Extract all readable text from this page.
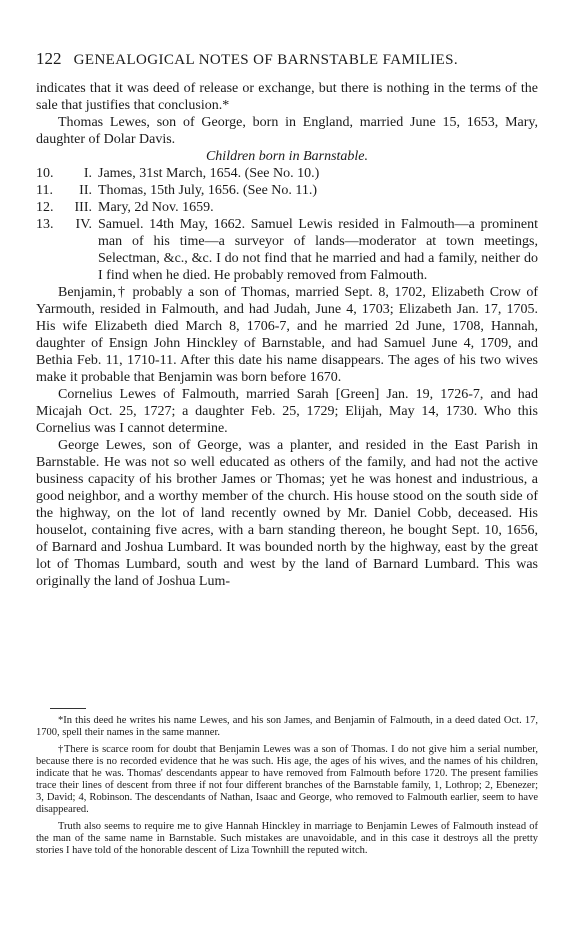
122 GENEALOGICAL NOTES OF BARNSTABLE FAMILIES.

indicates that it was deed of release or exchange, but there is nothing in the terms of the sale that justifies that conclusion.*

Thomas Lewes, son of George, born in England, married June 15, 1653, Mary, daughter of Dolar Davis.

Children born in Barnstable.

10.	I. James, 31st March, 1654. (See No. 10.)
11.	II. Thomas, 15th July, 1656. (See No. 11.)
12.	III. Mary, 2d Nov. 1659.
13.	IV. Samuel. 14th May, 1662. Samuel Lewis resided in Falmouth—a prominent man of his time—a surveyor of lands—moderator at town meetings, Selectman, &c., &c. I do not find that he married and had a family, neither do I find when he died. He probably removed from Falmouth.

Benjamin,† probably a son of Thomas, married Sept. 8, 1702, Elizabeth Crow of Yarmouth, resided in Falmouth, and had Judah, June 4, 1703; Elizabeth Jan. 17, 1705. His wife Elizabeth died March 8, 1706-7, and he married 2d June, 1708, Hannah, daughter of Ensign John Hinckley of Barnstable, and had Samuel June 4, 1709, and Bethia Feb. 11, 1710-11. After this date his name disappears. The ages of his two wives make it probable that Benjamin was born before 1670.

Cornelius Lewes of Falmouth, married Sarah [Green] Jan. 19, 1726-7, and had Micajah Oct. 25, 1727; a daughter Feb. 25, 1729; Elijah, May 14, 1730. Who this Cornelius was I cannot determine.

George Lewes, son of George, was a planter, and resided in the East Parish in Barnstable. He was not so well educated as others of the family, and had not the active business capacity of his brother James or Thomas; yet he was honest and industrious, a good neighbor, and a worthy member of the church. His house stood on the south side of the highway, on the lot of land recently owned by Mr. Daniel Cobb, deceased. His houselot, containing five acres, with a barn standing thereon, he bought Sept. 10, 1656, of Barnard and Joshua Lumbard. It was bounded north by the highway, east by the great lot of Thomas Lumbard, south and west by the land of Barnard Lumbard. This was originally the land of Joshua Lum-

*In this deed he writes his name Lewes, and his son James, and Benjamin of Falmouth, in a deed dated Oct. 17, 1700, spell their names in the same manner.

†There is scarce room for doubt that Benjamin Lewes was a son of Thomas. I do not give him a serial number, because there is no recorded evidence that he was such. His age, the ages of his wives, and the names of his children, indicate that he was. Thomas' descendants appear to have removed from Falmouth before 1720. The present families trace their lines of descent from three if not four different branches of the Barnstable family, 1, Lothrop; 2, Ebenezer; 3, David; 4, Robinson. The descendants of Nathan, Isaac and George, who removed to Falmouth earlier, seem to have disappeared.

Truth also seems to require me to give Hannah Hinckley in marriage to Benjamin Lewes of Falmouth instead of the man of the same name in Barnstable. Such mistakes are unavoidable, and in this case it destroys all the pretty stories I have told of the honorable descent of Liza Townhill the reputed witch.
